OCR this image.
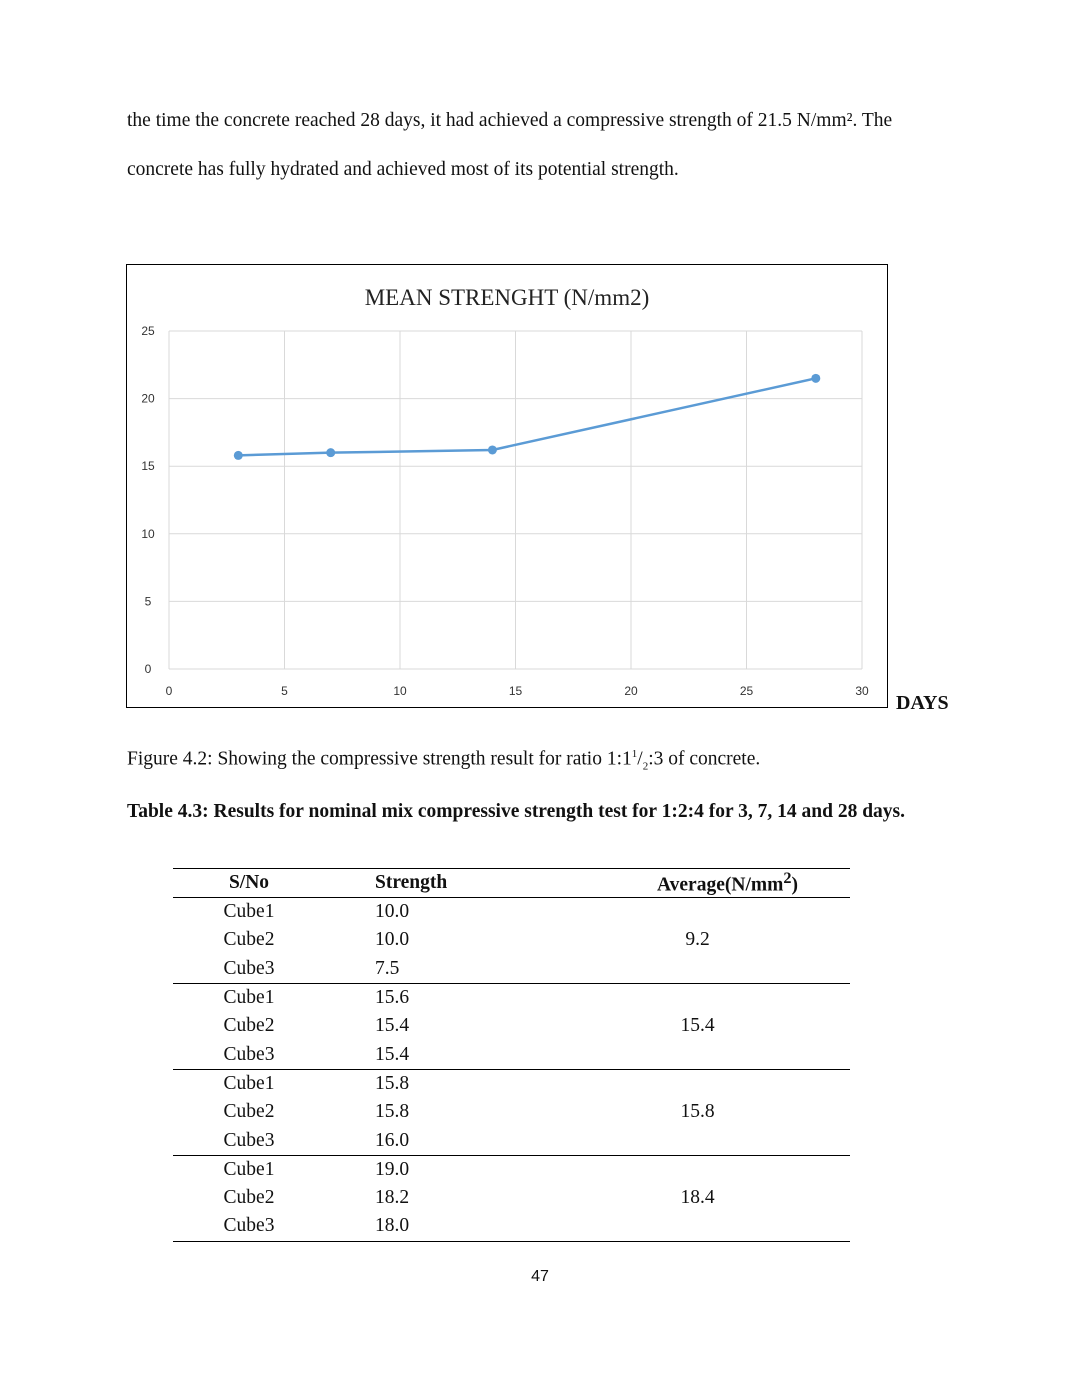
the time the concrete reached 28 days, it had achieved a compressive strength of 21.5 N/mm². The

concrete has fully hydrated and achieved most of its potential strength.

MEAN STRENGHT (N/mm2)
0	5	10	15	20	25	30
0
5
10
15
20
25
DAYS
Figure 4.2: Showing the compressive strength result for ratio $1:1^1/_2:3$ of concrete.

Table 4.3: Results for nominal mix compressive strength test for 1:2:4 for 3, 7, 14 and 28 days.

S/No	Strength	$Average(N/mm^2)$
Cube1	10.0	
Cube2	10.0	9.2
Cube3	7.5	
Cube1	15.6	
Cube2	15.4	15.4
Cube3	15.4	
Cube1	15.8	
Cube2	15.8	15.8
Cube3	16.0	
Cube1	19.0	
Cube2	18.2	18.4
Cube3	18.0	
47
